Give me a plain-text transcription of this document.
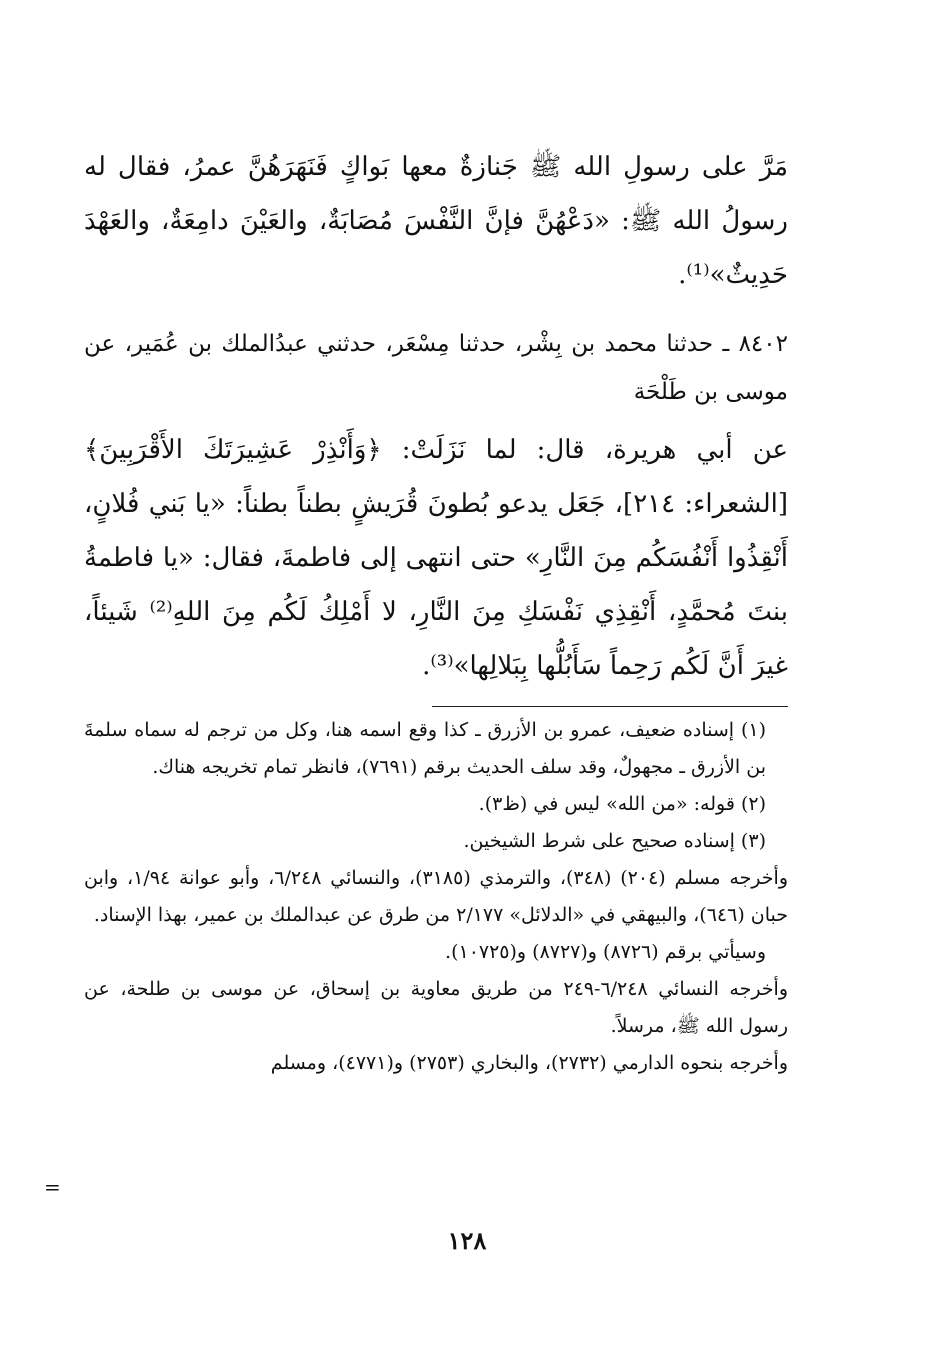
مَرَّ على رسولِ الله ﷺ جَنازةٌ معها بَواكٍ فَنَهَرَهُنَّ عمرُ، فقال له رسولُ الله ﷺ: «دَعْهُنَّ فإنَّ النَّفْسَ مُصَابَةٌ، والعَيْنَ دامِعَةٌ، والعَهْدَ حَدِيثٌ»⁽¹⁾.

٨٤٠٢ ـ حدثنا محمد بن بِشْر، حدثنا مِسْعَر، حدثني عبدُالملك بن عُمَير، عن موسى بن طَلْحَة

عن أبي هريرة، قال: لما نَزَلَتْ: ﴿وَأَنْذِرْ عَشِيرَتَكَ الأَقْرَبِينَ﴾ [الشعراء: ٢١٤]، جَعَل يدعو بُطونَ قُرَيشٍ بطناً بطناً: «يا بَني فُلانٍ، أَنْقِذُوا أَنْفُسَكُم مِنَ النَّارِ» حتى انتهى إلى فاطمةَ، فقال: «يا فاطمةُ بنتَ مُحمَّدٍ، أَنْقِذِي نَفْسَكِ مِنَ النَّارِ، لا أَمْلِكُ لَكُم مِنَ اللهِ⁽²⁾ شَيئاً، غيرَ أَنَّ لَكُم رَحِماً سَأَبُلُّها بِبَلالِها»⁽³⁾.

(١) إسناده ضعيف، عمرو بن الأزرق ـ كذا وقع اسمه هنا، وكل من ترجم له سماه سلمةَ بن الأزرق ـ مجهولٌ، وقد سلف الحديث برقم (٧٦٩١)، فانظر تمام تخريجه هناك.

(٢) قوله: «من الله» ليس في (ظ٣).

(٣) إسناده صحيح على شرط الشيخين.

وأخرجه مسلم (٢٠٤) (٣٤٨)، والترمذي (٣١٨٥)، والنسائي ٦/٢٤٨، وأبو عوانة ١/٩٤، وابن حبان (٦٤٦)، والبيهقي في «الدلائل» ٢/١٧٧ من طرق عن عبدالملك بن عمير، بهذا الإسناد.

وسيأتي برقم (٨٧٢٦) و(٨٧٢٧) و(١٠٧٢٥).

وأخرجه النسائي ٦/٢٤٨-٢٤٩ من طريق معاوية بن إسحاق، عن موسى بن طلحة، عن رسول الله ﷺ، مرسلاً.

وأخرجه بنحوه الدارمي (٢٧٣٢)، والبخاري (٢٧٥٣) و(٤٧٧١)، ومسلم

=
١٢٨
